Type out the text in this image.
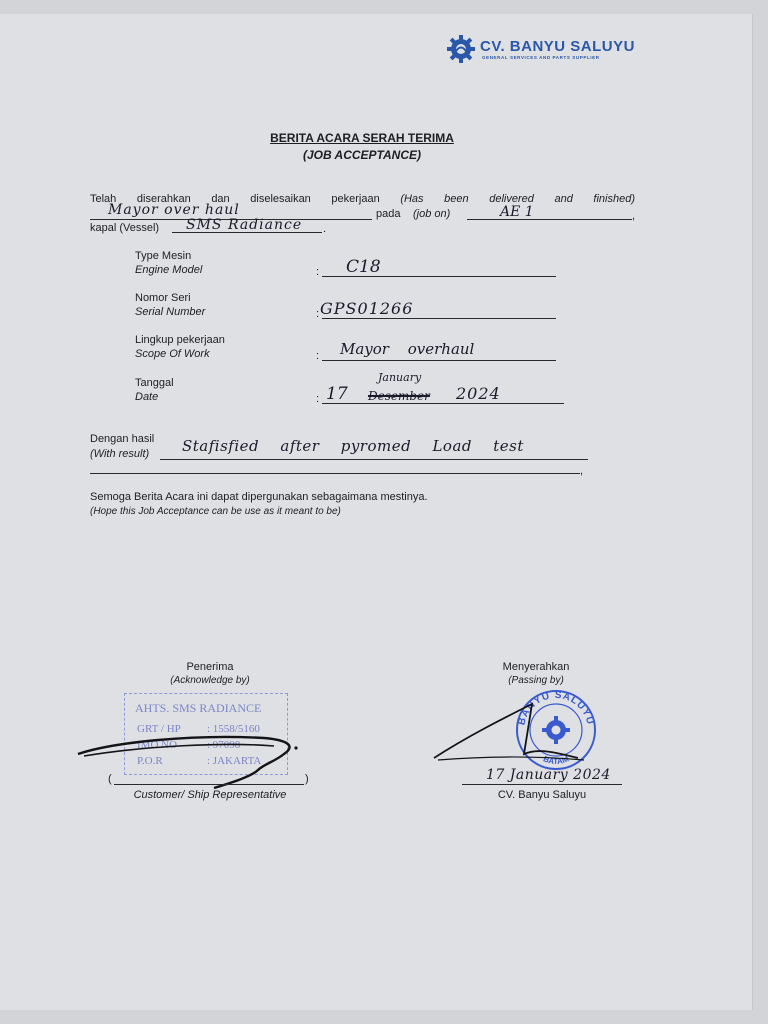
CV. BANYU SALUYU
GENERAL SERVICES AND PARTS SUPPLIER
BERITA ACARA SERAH TERIMA
(JOB ACCEPTANCE)
Telah diserahkan dan diselesaikan pekerjaan (Has been delivered and finished)
Mayor over haul	pada (job on)	AE 1	,
kapal (Vessel) SMS Radiance .
Type Mesin
Engine Model	: C18
Nomor Seri
Serial Number	: GPS01266
Lingkup pekerjaan
Scope Of Work	: Mayor overhaul
Tanggal
Date	:
January
17 Desember 2024
Dengan hasil
(With result) Stafisfied after pyromed Load test
,
Semoga Berita Acara ini dapat dipergunakan sebagaimana mestinya.
(Hope this Job Acceptance can be use as it meant to be)
Penerima
(Acknowledge by)
AHTS. SMS RADIANCE
GRT / HP : 1558/5160
IMO NO	: 97098
P.O.R	: JAKARTA
(	)
Customer/ Ship Representative
Menyerahkan
(Passing by)
BANYU SALUYU
BATAM
17 January 2024
CV. Banyu Saluyu
